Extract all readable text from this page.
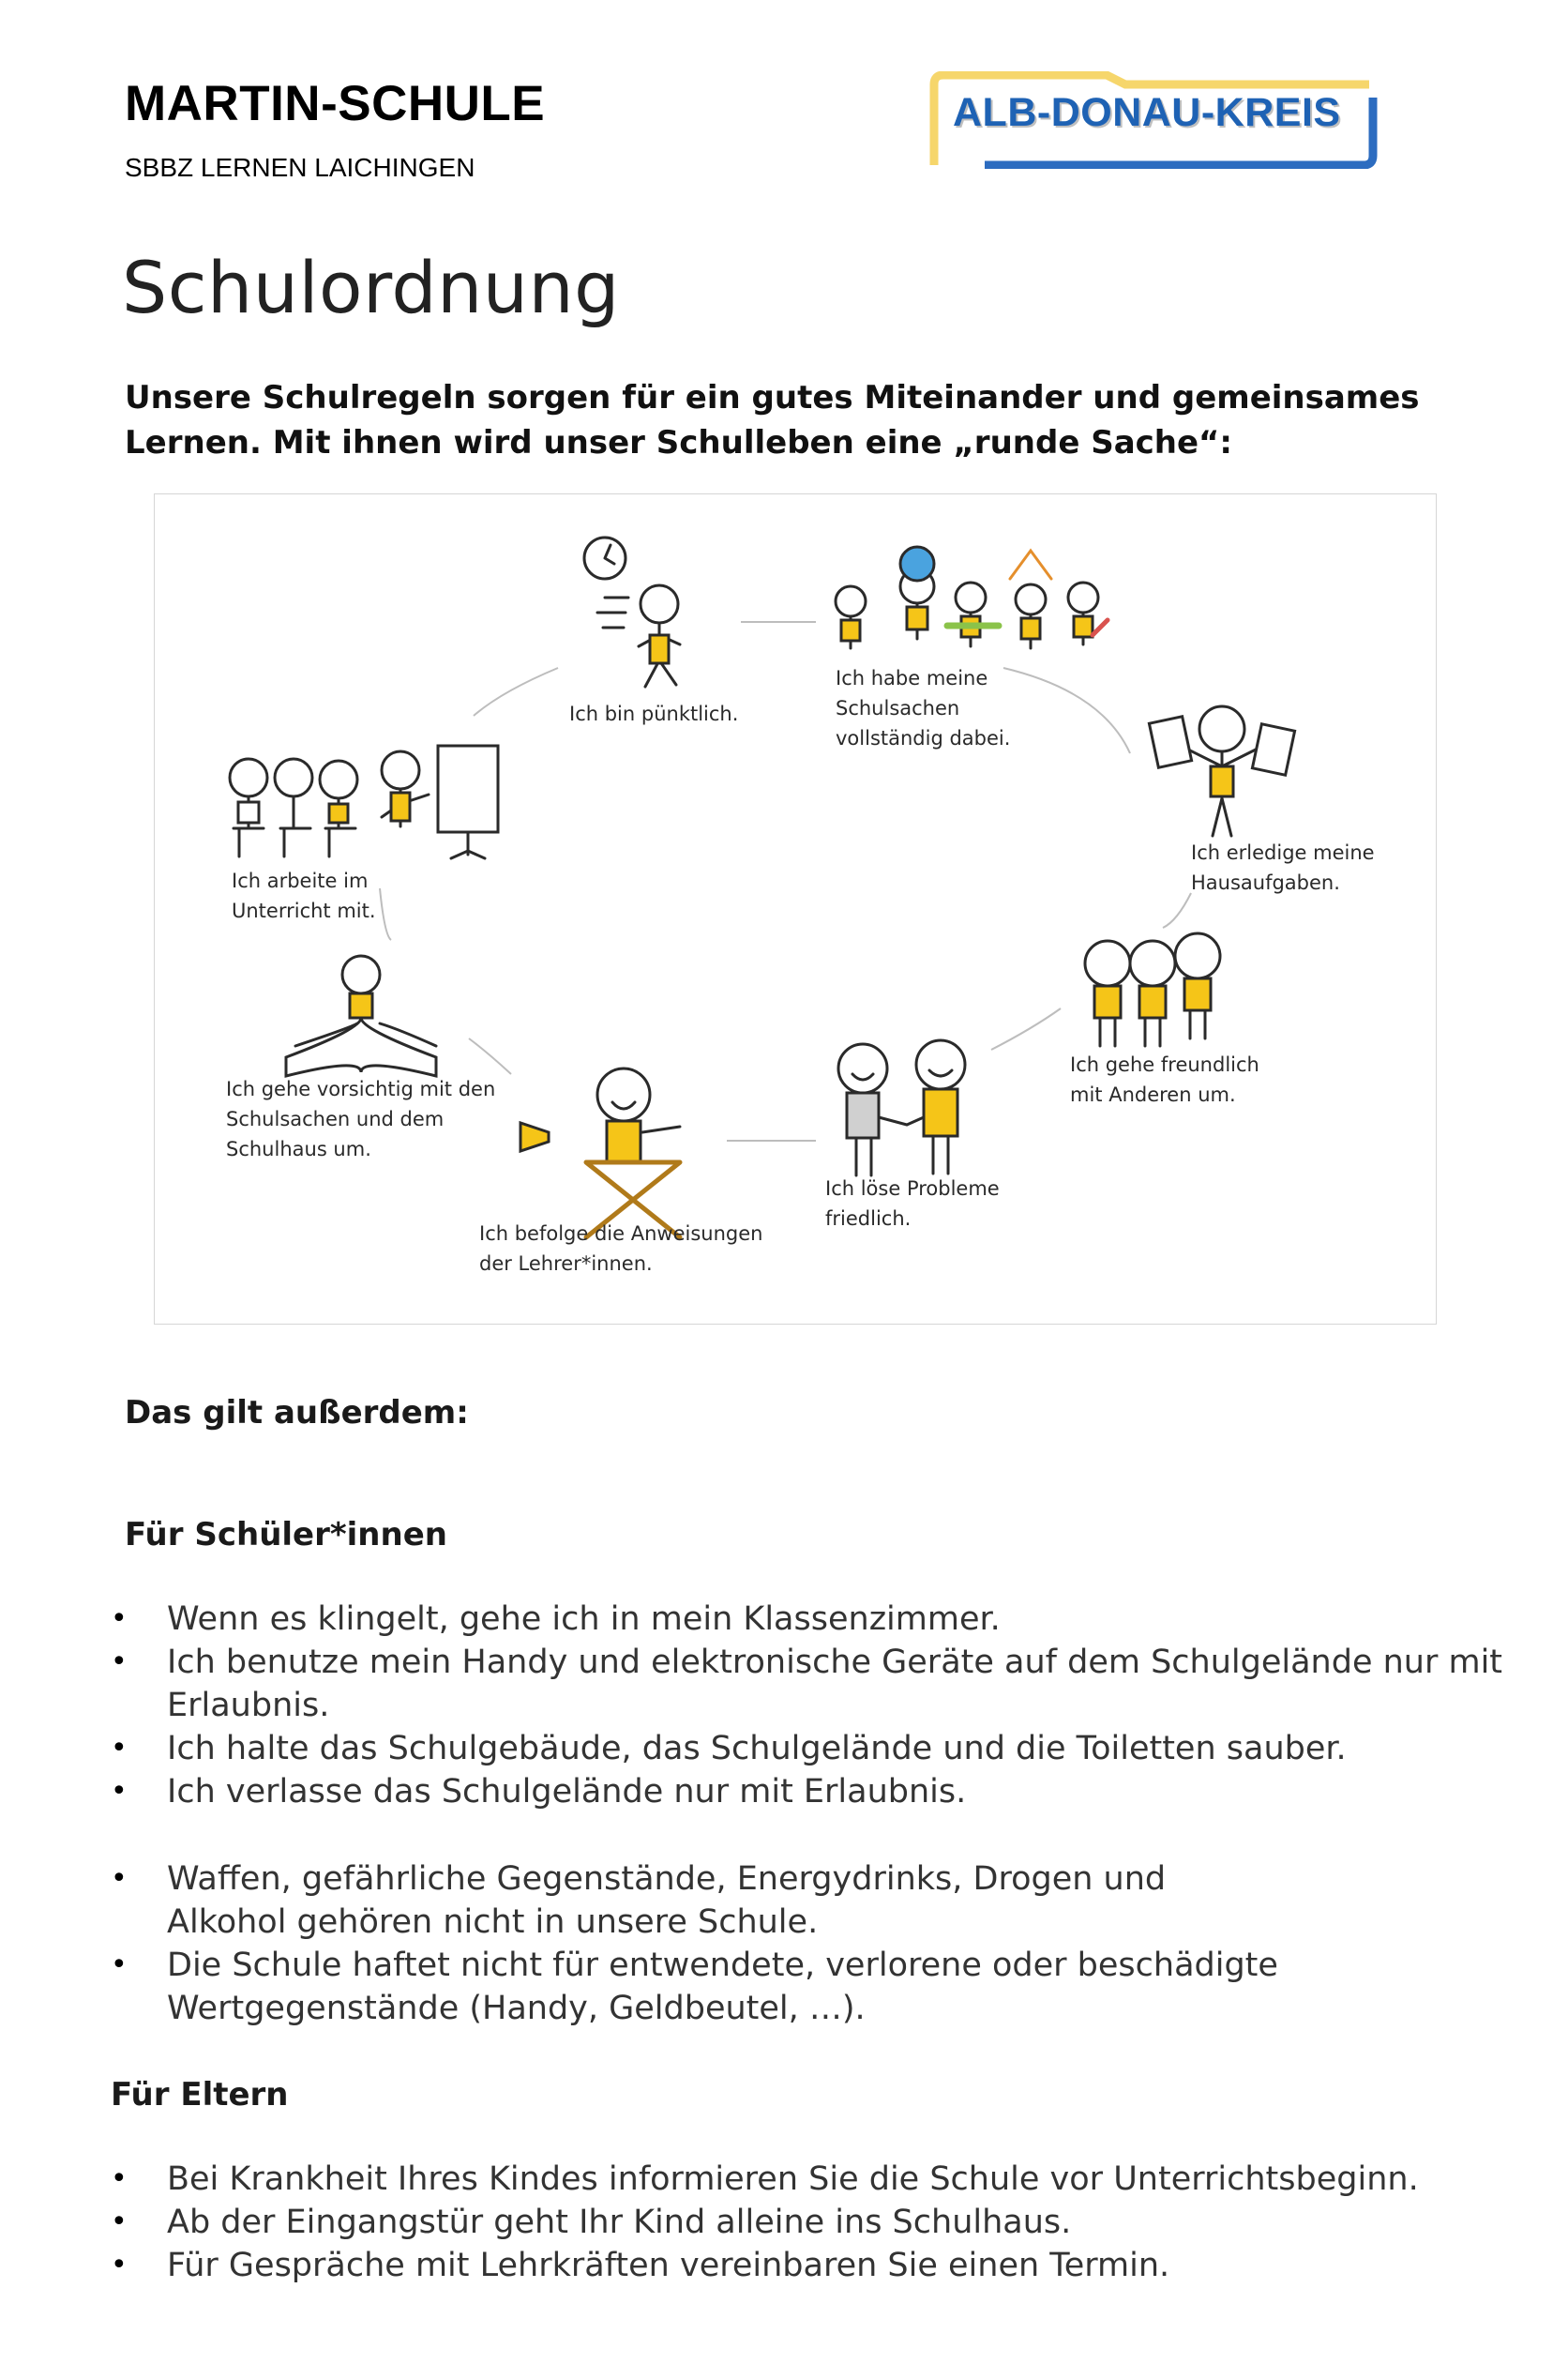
MARTIN-SCHULE
SBBZ LERNEN LAICHINGEN
ALB-DONAU-KREIS
Schulordnung

Unsere Schulregeln sorgen für ein gutes Miteinander und gemeinsames Lernen. Mit ihnen wird unser Schulleben eine „runde Sache“:

Ich bin pünktlich.
Ich habe meine
Schulsachen
vollständig dabei.
Ich erledige meine
Hausaufgaben.
Ich gehe freundlich
mit Anderen um.
Ich löse Probleme
friedlich.
Ich befolge die Anweisungen
der Lehrer*innen.
Ich gehe vorsichtig mit den
Schulsachen und dem
Schulhaus um.
Ich arbeite im
Unterricht mit.
Das gilt außerdem:
Für Schüler*innen
• Wenn es klingelt, gehe ich in mein Klassenzimmer.
• Ich benutze mein Handy und elektronische Geräte auf dem Schulgelände nur mit Erlaubnis.
• Ich halte das Schulgebäude, das Schulgelände und die Toiletten sauber.
• Ich verlasse das Schulgelände nur mit Erlaubnis.
• Waffen, gefährliche Gegenstände, Energydrinks, Drogen und Alkohol gehören nicht in unsere Schule.
• Die Schule haftet nicht für entwendete, verlorene oder beschädigte Wertgegenstände (Handy, Geldbeutel, …).
Für Eltern
• Bei Krankheit Ihres Kindes informieren Sie die Schule vor Unterrichtsbeginn.
• Ab der Eingangstür geht Ihr Kind alleine ins Schulhaus.
• Für Gespräche mit Lehrkräften vereinbaren Sie einen Termin.
